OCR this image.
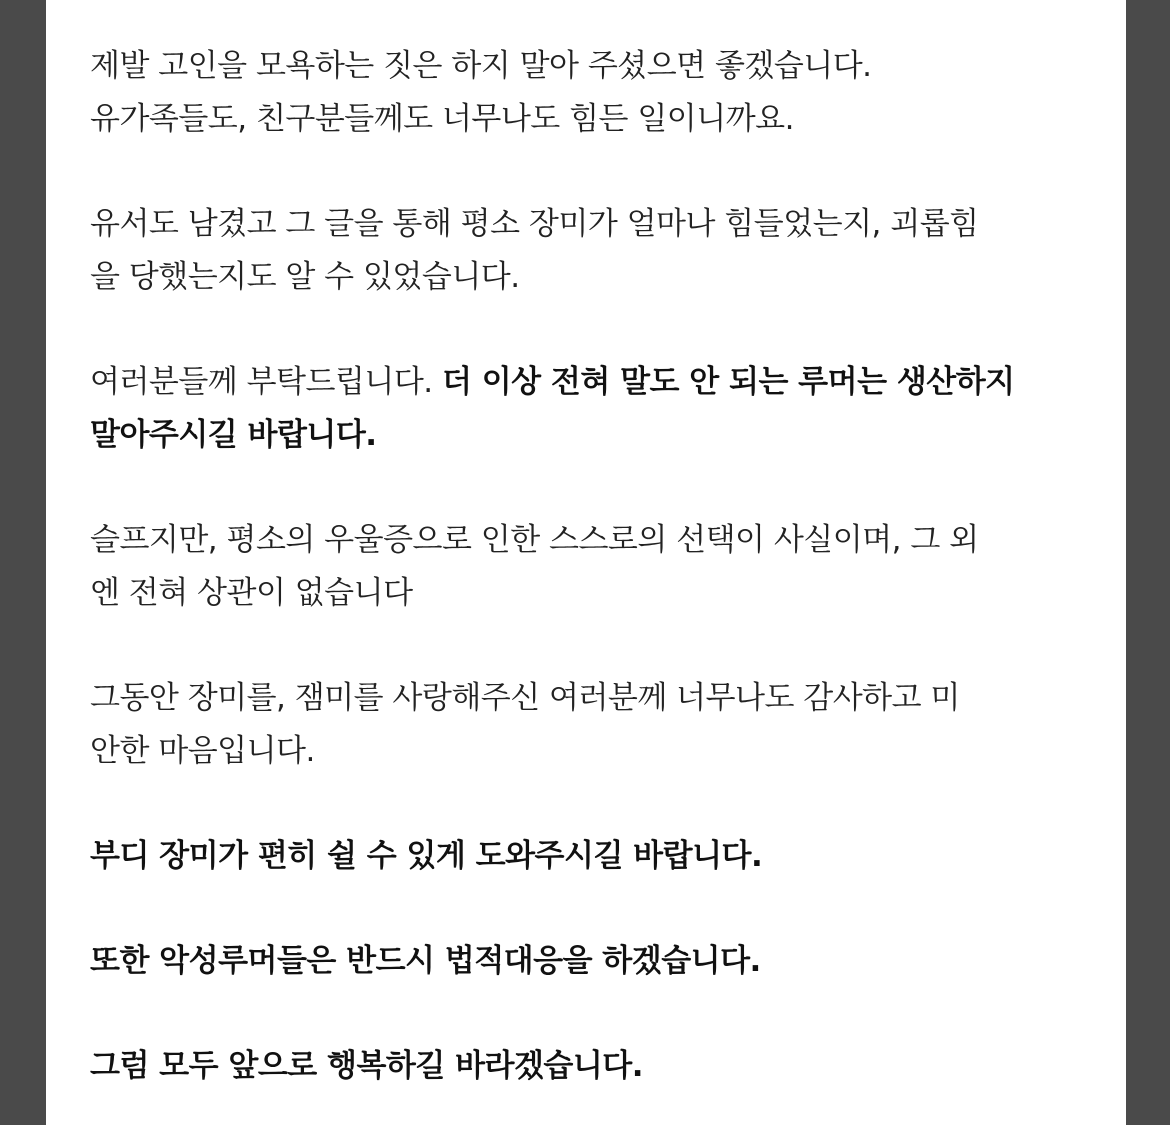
제발 고인을 모욕하는 짓은 하지 말아 주셨으면 좋겠습니다.
유가족들도, 친구분들께도 너무나도 힘든 일이니까요.

유서도 남겼고 그 글을 통해 평소 장미가 얼마나 힘들었는지, 괴롭힘
을 당했는지도 알 수 있었습니다.

여러분들께 부탁드립니다. 더 이상 전혀 말도 안 되는 루머는 생산하지
말아주시길 바랍니다.

슬프지만, 평소의 우울증으로 인한 스스로의 선택이 사실이며, 그 외
엔 전혀 상관이 없습니다

그동안 장미를, 잼미를 사랑해주신 여러분께 너무나도 감사하고 미
안한 마음입니다.

부디 장미가 편히 쉴 수 있게 도와주시길 바랍니다.

또한 악성루머들은 반드시 법적대응을 하겠습니다.

그럼 모두 앞으로 행복하길 바라겠습니다.
